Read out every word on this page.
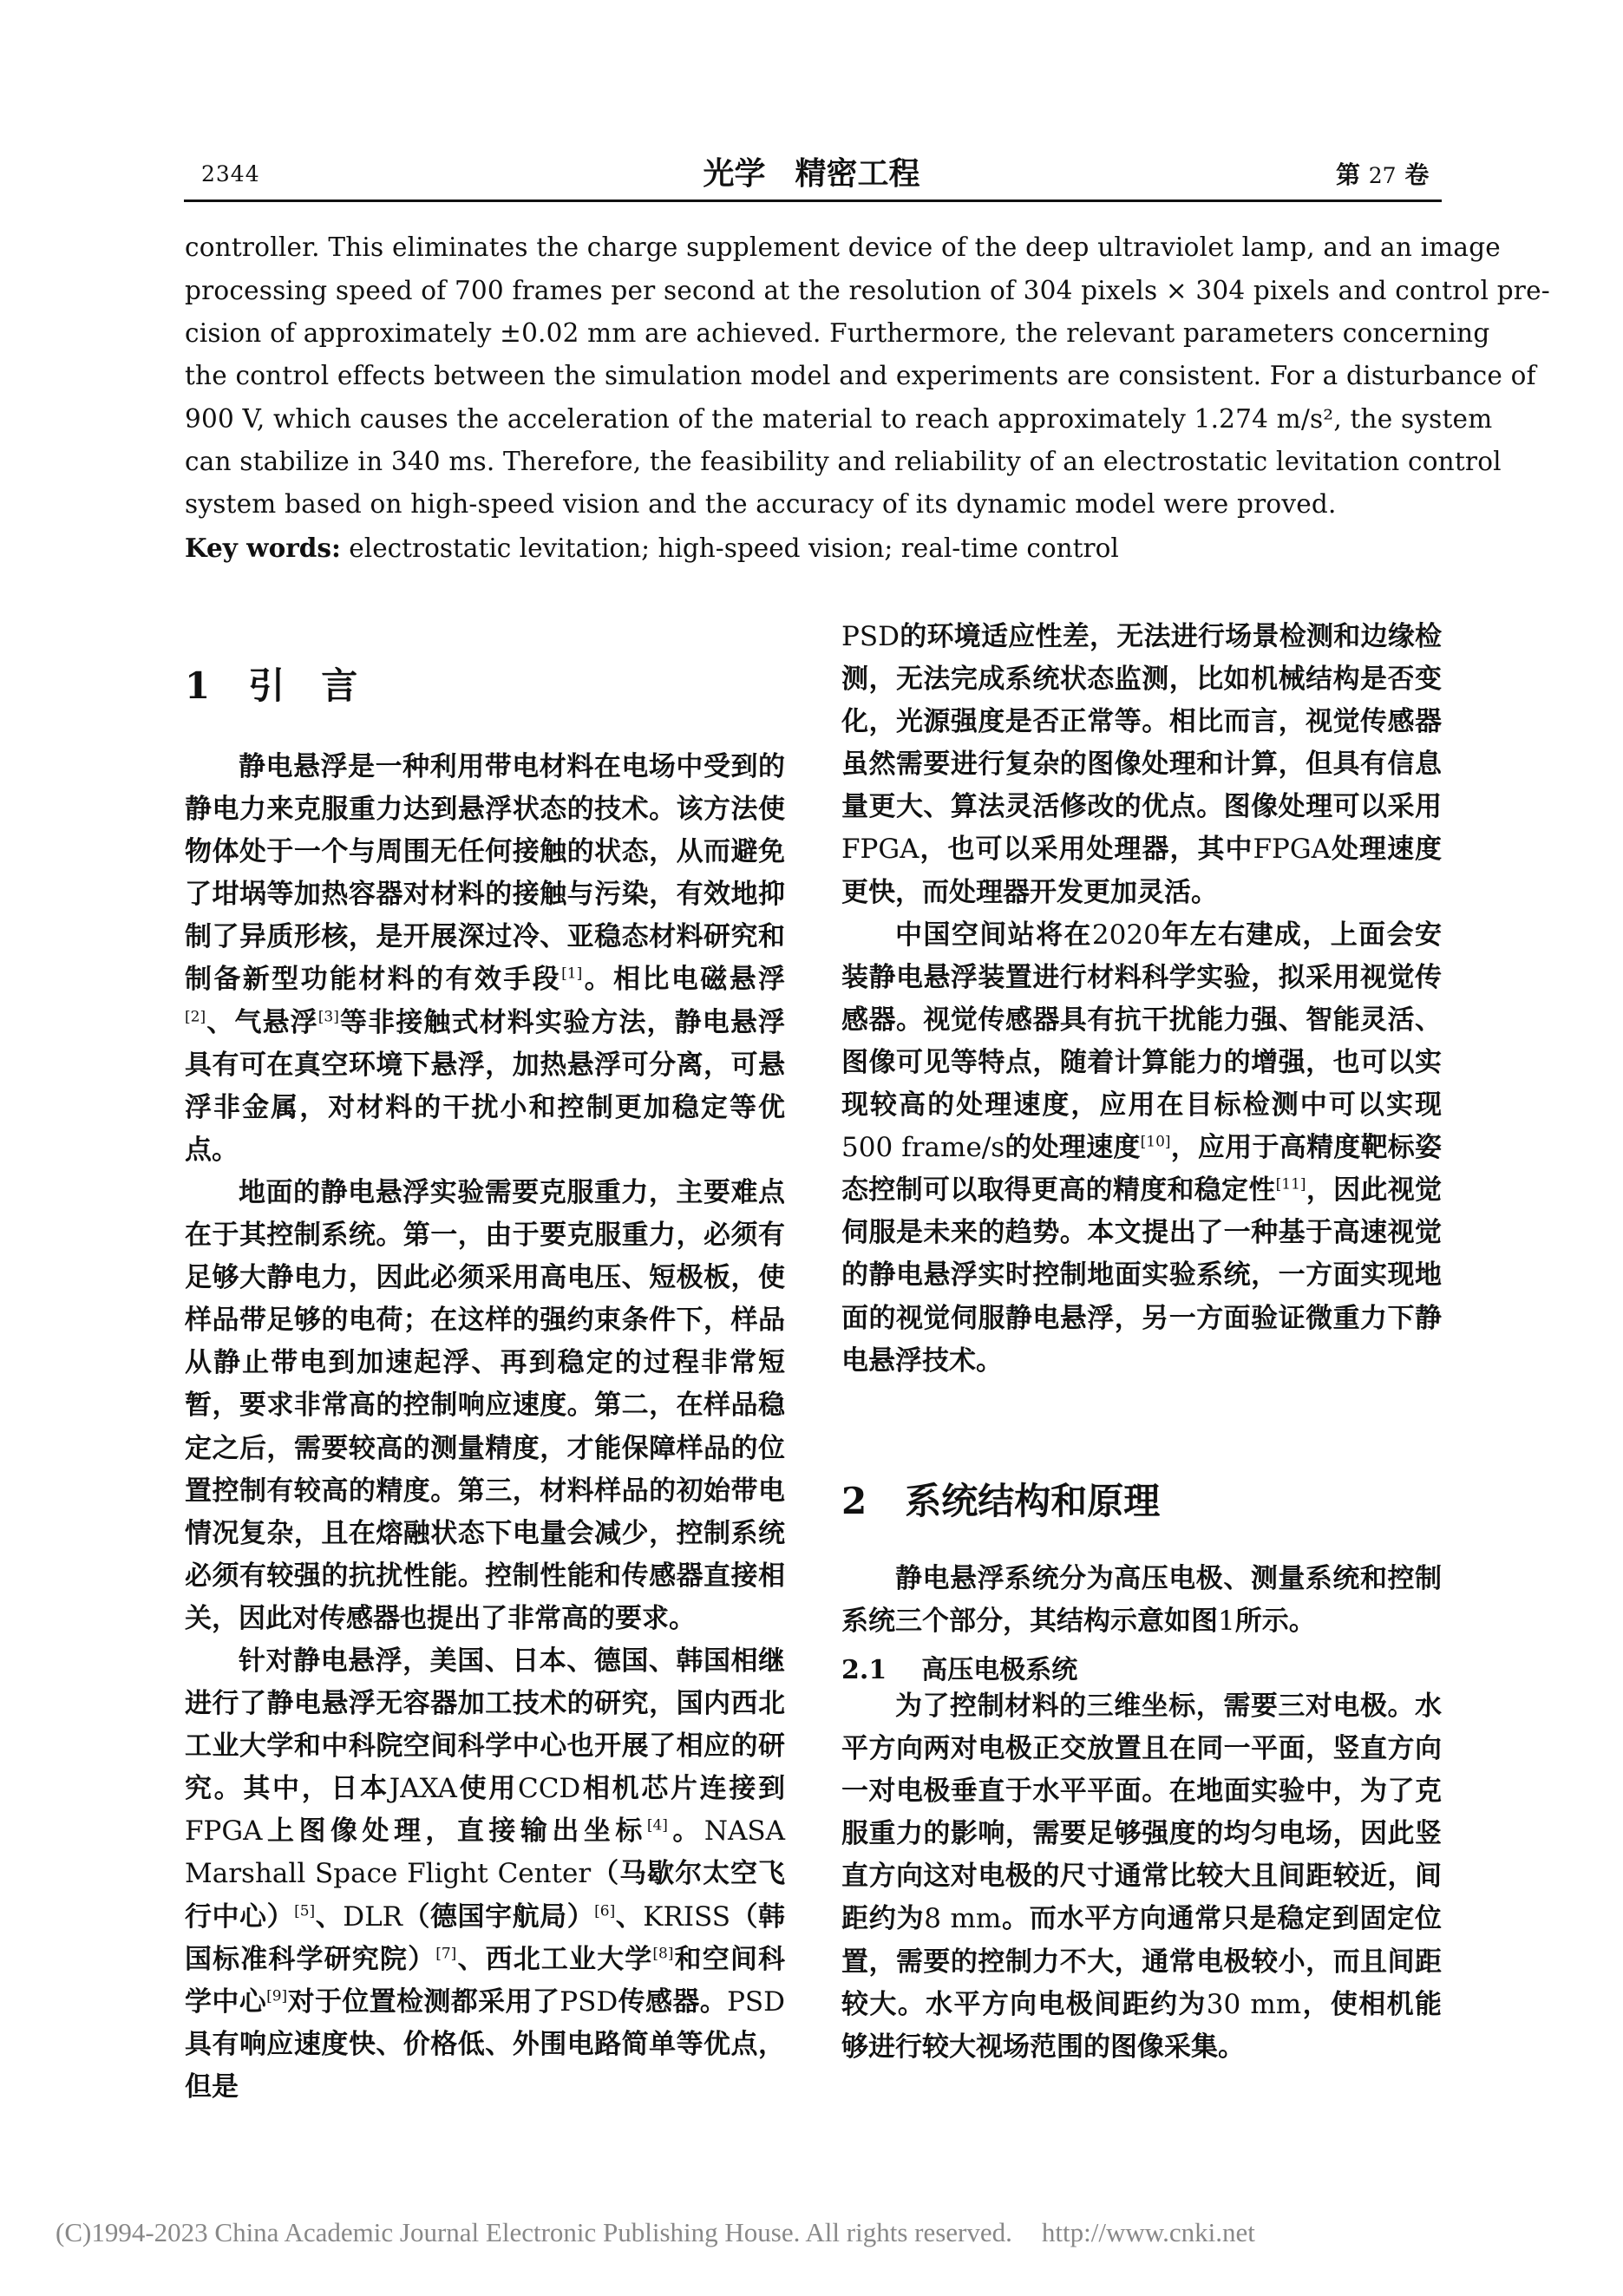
2344	光学 精密工程	第 27 卷
controller. This eliminates the charge supplement device of the deep ultraviolet lamp, and an image
processing speed of 700 frames per second at the resolution of 304 pixels × 304 pixels and control pre-
cision of approximately ±0.02 mm are achieved. Furthermore, the relevant parameters concerning
the control effects between the simulation model and experiments are consistent. For a disturbance of
900 V, which causes the acceleration of the material to reach approximately 1.274 m/s², the system
can stabilize in 340 ms. Therefore, the feasibility and reliability of an electrostatic levitation control
system based on high-speed vision and the accuracy of its dynamic model were proved.
Key words: electrostatic levitation; high-speed vision; real-time control
1 引　言

静电悬浮是一种利用带电材料在电场中受到的静电力来克服重力达到悬浮状态的技术。该方法使物体处于一个与周围无任何接触的状态，从而避免了坩埚等加热容器对材料的接触与污染，有效地抑制了异质形核，是开展深过冷、亚稳态材料研究和制备新型功能材料的有效手段[1]。相比电磁悬浮[2]、气悬浮[3]等非接触式材料实验方法，静电悬浮具有可在真空环境下悬浮，加热悬浮可分离，可悬浮非金属，对材料的干扰小和控制更加稳定等优点。

地面的静电悬浮实验需要克服重力，主要难点在于其控制系统。第一，由于要克服重力，必须有足够大静电力，因此必须采用高电压、短极板，使样品带足够的电荷；在这样的强约束条件下，样品从静止带电到加速起浮、再到稳定的过程非常短暂，要求非常高的控制响应速度。第二，在样品稳定之后，需要较高的测量精度，才能保障样品的位置控制有较高的精度。第三，材料样品的初始带电情况复杂，且在熔融状态下电量会减少，控制系统必须有较强的抗扰性能。控制性能和传感器直接相关，因此对传感器也提出了非常高的要求。

针对静电悬浮，美国、日本、德国、韩国相继进行了静电悬浮无容器加工技术的研究，国内西北工业大学和中科院空间科学中心也开展了相应的研究。其中，日本JAXA使用CCD相机芯片连接到FPGA上图像处理，直接输出坐标[4]。NASA Marshall Space Flight Center（马歇尔太空飞行中心）[5]、DLR（德国宇航局）[6]、KRISS（韩国标准科学研究院）[7]、西北工业大学[8]和空间科学中心[9]对于位置检测都采用了PSD传感器。PSD具有响应速度快、价格低、外围电路简单等优点，但是

PSD的环境适应性差，无法进行场景检测和边缘检测，无法完成系统状态监测，比如机械结构是否变化，光源强度是否正常等。相比而言，视觉传感器虽然需要进行复杂的图像处理和计算，但具有信息量更大、算法灵活修改的优点。图像处理可以采用FPGA，也可以采用处理器，其中FPGA处理速度更快，而处理器开发更加灵活。

中国空间站将在2020年左右建成，上面会安装静电悬浮装置进行材料科学实验，拟采用视觉传感器。视觉传感器具有抗干扰能力强、智能灵活、图像可见等特点，随着计算能力的增强，也可以实现较高的处理速度，应用在目标检测中可以实现500 frame/s的处理速度[10]，应用于高精度靶标姿态控制可以取得更高的精度和稳定性[11]，因此视觉伺服是未来的趋势。本文提出了一种基于高速视觉的静电悬浮实时控制地面实验系统，一方面实现地面的视觉伺服静电悬浮，另一方面验证微重力下静电悬浮技术。

2 系统结构和原理

静电悬浮系统分为高压电极、测量系统和控制系统三个部分，其结构示意如图1所示。

2.1 高压电极系统

为了控制材料的三维坐标，需要三对电极。水平方向两对电极正交放置且在同一平面，竖直方向一对电极垂直于水平平面。在地面实验中，为了克服重力的影响，需要足够强度的均匀电场，因此竖直方向这对电极的尺寸通常比较大且间距较近，间距约为8 mm。而水平方向通常只是稳定到固定位置，需要的控制力不大，通常电极较小，而且间距较大。水平方向电极间距约为30 mm，使相机能够进行较大视场范围的图像采集。

(C)1994-2023 China Academic Journal Electronic Publishing House. All rights reserved. http://www.cnki.net
